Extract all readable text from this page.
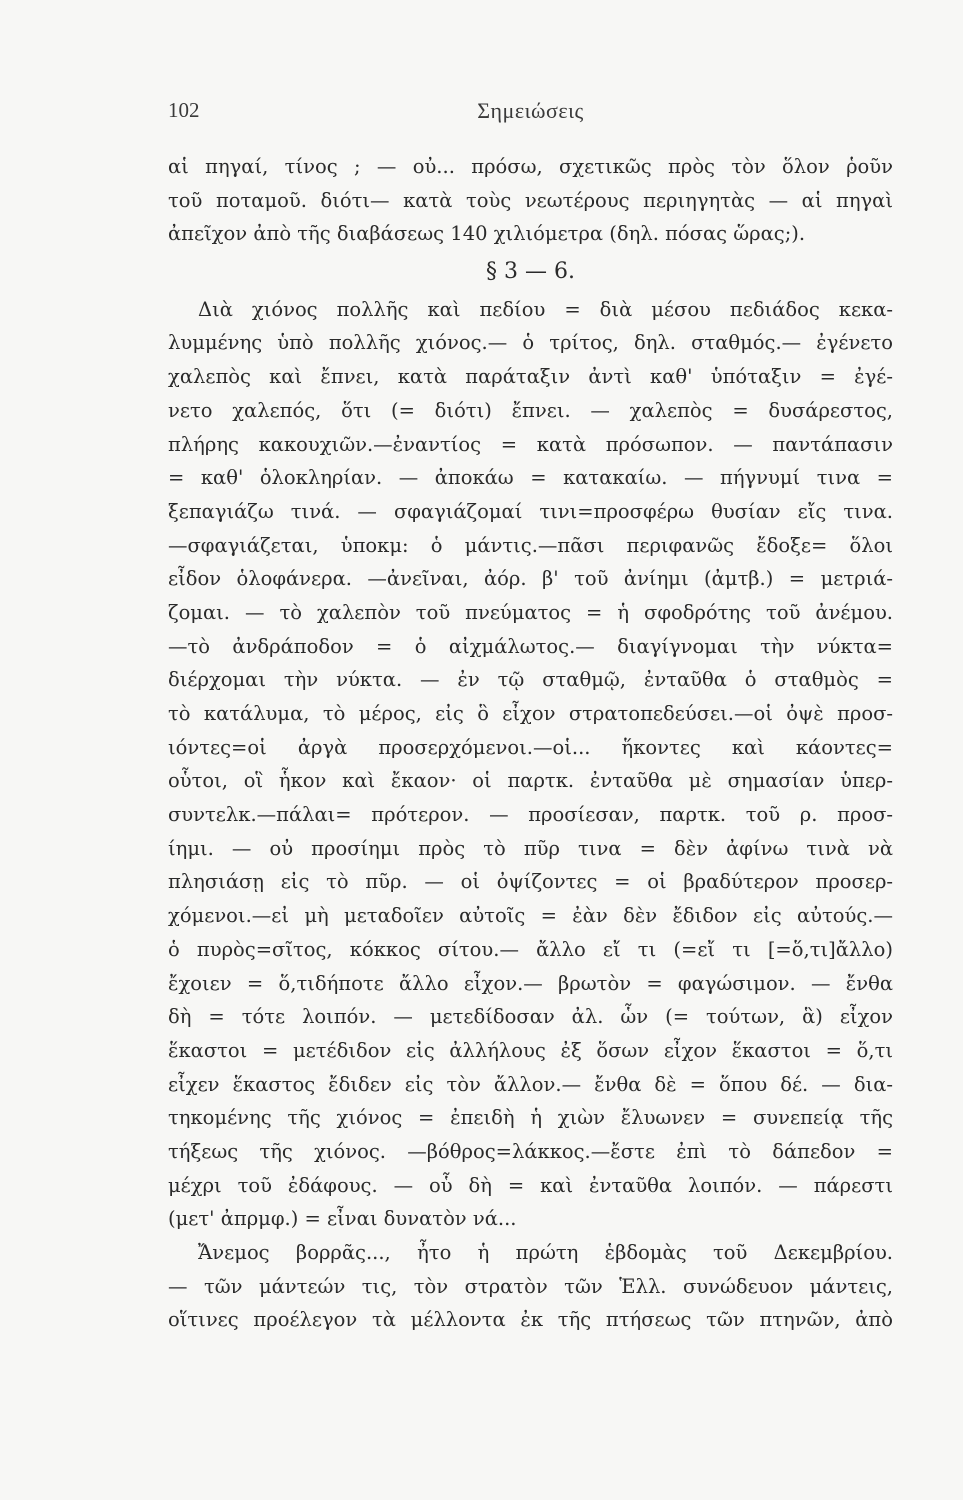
102	Σημειώσεις
αἱ πηγαί, τίνος ; — οὐ... πρόσω, σχετικῶς πρὸς τὸν ὅλον ῥοῦν
τοῦ ποταμοῦ. διότι— κατὰ τοὺς νεωτέρους περιηγητὰς — αἱ πηγαὶ
ἀπεῖχον ἀπὸ τῆς διαβάσεως 140 χιλιόμετρα (δηλ. πόσας ὥρας;).
§ 3 — 6.
Διὰ χιόνος πολλῆς καὶ πεδίου = διὰ μέσου πεδιάδος κεκα-
λυμμένης ὑπὸ πολλῆς χιόνος.— ὁ τρίτος, δηλ. σταθμός.— ἐγένετο
χαλεπὸς καὶ ἔπνει, κατὰ παράταξιν ἀντὶ καθ' ὑπόταξιν = ἐγέ-
νετο χαλεπός, ὅτι (= διότι) ἔπνει. — χαλεπὸς = δυσάρεστος,
πλήρης κακουχιῶν.—ἐναντίος = κατὰ πρόσωπον. — παντάπασιν
= καθ' ὁλοκληρίαν. — ἀποκάω = κατακαίω. — πήγνυμί τινα =
ξεπαγιάζω τινά. — σφαγιάζομαί τινι=προσφέρω θυσίαν εἴς τινα.
—σφαγιάζεται, ὑποκμ: ὁ μάντις.—πᾶσι περιφανῶς ἔδοξε= ὅλοι
εἶδον ὁλοφάνερα. —ἀνεῖναι, ἀόρ. β' τοῦ ἀνίημι (ἀμτβ.) = μετριά-
ζομαι. — τὸ χαλεπὸν τοῦ πνεύματος = ἡ σφοδρότης τοῦ ἀνέμου.
—τὸ ἀνδράποδον = ὁ αἰχμάλωτος.— διαγίγνομαι τὴν νύκτα=
διέρχομαι τὴν νύκτα. — ἐν τῷ σταθμῷ, ἐνταῦθα ὁ σταθμὸς =
τὸ κατάλυμα, τὸ μέρος, εἰς ὃ εἶχον στρατοπεδεύσει.—οἱ ὀψὲ προσ-
ιόντες=οἱ ἀργὰ προσερχόμενοι.—οἱ... ἥκοντες καὶ κάοντες=
οὗτοι, οἳ ἧκον καὶ ἔκαον· οἱ παρτκ. ἐνταῦθα μὲ σημασίαν ὑπερ-
συντελκ.—πάλαι= πρότερον. — προσίεσαν, παρτκ. τοῦ ρ. προσ-
ίημι. — οὐ προσίημι πρὸς τὸ πῦρ τινα = δὲν ἀφίνω τινὰ νὰ
πλησιάσῃ εἰς τὸ πῦρ. — οἱ ὀψίζοντες = οἱ βραδύτερον προσερ-
χόμενοι.—εἰ μὴ μεταδοῖεν αὐτοῖς = ἐὰν δὲν ἔδιδον εἰς αὐτούς.—
ὁ πυρὸς=σῖτος, κόκκος σίτου.— ἄλλο εἴ τι (=εἴ τι [=ὅ,τι]ἄλλο)
ἔχοιεν = ὅ,τιδήποτε ἄλλο εἶχον.— βρωτὸν = φαγώσιμον. — ἔνθα
δὴ = τότε λοιπόν. — μετεδίδοσαν ἀλ. ὧν (= τούτων, ἃ) εἶχον
ἕκαστοι = μετέδιδον εἰς ἀλλήλους ἐξ ὅσων εἶχον ἕκαστοι = ὅ,τι
εἶχεν ἕκαστος ἔδιδεν εἰς τὸν ἄλλον.— ἔνθα δὲ = ὅπου δέ. — δια-
τηκομένης τῆς χιόνος = ἐπειδὴ ἡ χιὼν ἔλυωνεν = συνεπείᾳ τῆς
τήξεως τῆς χιόνος. —βόθρος=λάκκος.—ἔστε ἐπὶ τὸ δάπεδον =
μέχρι τοῦ ἐδάφους. — οὗ δὴ = καὶ ἐνταῦθα λοιπόν. — πάρεστι
(μετ' ἀπρμφ.) = εἶναι δυνατὸν νά...
Ἄνεμος βορρᾶς..., ἦτο ἡ πρώτη ἑβδομὰς τοῦ Δεκεμβρίου.
— τῶν μάντεών τις, τὸν στρατὸν τῶν Ἑλλ. συνώδευον μάντεις,
οἵτινες προέλεγον τὰ μέλλοντα ἐκ τῆς πτήσεως τῶν πτηνῶν, ἀπὸ
